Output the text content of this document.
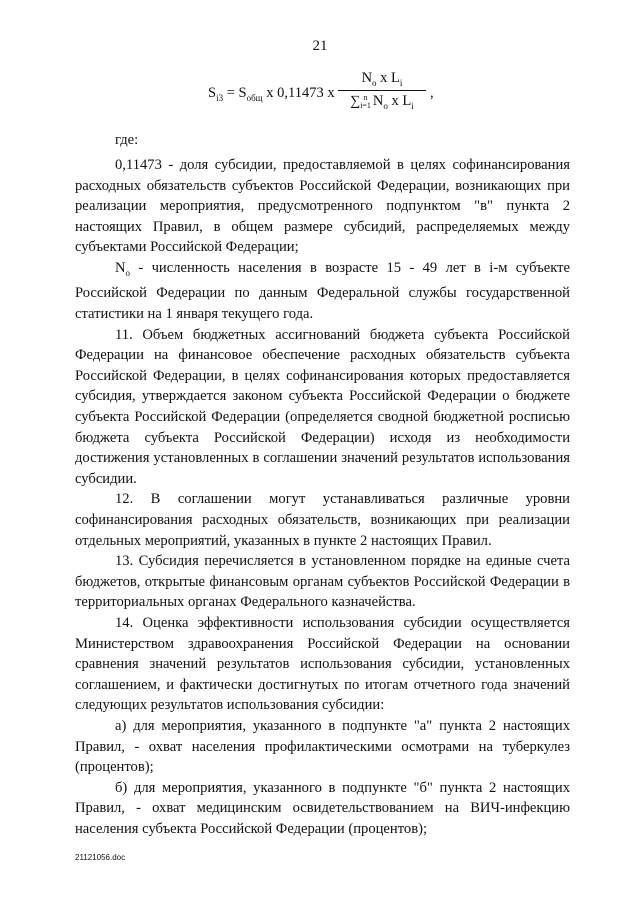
21
$S_{i3} = S_{общ}$ x 0,11473 x
$N_o$ x $L_i$
∑ n
i=1 $N_o$ x $L_i$
,
где:

0,11473 - доля субсидии, предоставляемой в целях софинансирования расходных обязательств субъектов Российской Федерации, возникающих при реализации мероприятия, предусмотренного подпунктом "в" пункта 2 настоящих Правил, в общем размере субсидий, распределяемых между субъектами Российской Федерации;

$N_o$ - численность населения в возрасте 15 - 49 лет в i-м субъекте Российской Федерации по данным Федеральной службы государственной статистики на 1 января текущего года.

11. Объем бюджетных ассигнований бюджета субъекта Российской Федерации на финансовое обеспечение расходных обязательств субъекта Российской Федерации, в целях софинансирования которых предоставляется субсидия, утверждается законом субъекта Российской Федерации о бюджете субъекта Российской Федерации (определяется сводной бюджетной росписью бюджета субъекта Российской Федерации) исходя из необходимости достижения установленных в соглашении значений результатов использования субсидии.

12. В соглашении могут устанавливаться различные уровни софинансирования расходных обязательств, возникающих при реализации отдельных мероприятий, указанных в пункте 2 настоящих Правил.

13. Субсидия перечисляется в установленном порядке на единые счета бюджетов, открытые финансовым органам субъектов Российской Федерации в территориальных органах Федерального казначейства.

14. Оценка эффективности использования субсидии осуществляется Министерством здравоохранения Российской Федерации на основании сравнения значений результатов использования субсидии, установленных соглашением, и фактически достигнутых по итогам отчетного года значений следующих результатов использования субсидии:

а) для мероприятия, указанного в подпункте "а" пункта 2 настоящих Правил, - охват населения профилактическими осмотрами на туберкулез (процентов);

б) для мероприятия, указанного в подпункте "б" пункта 2 настоящих Правил, - охват медицинским освидетельствованием на ВИЧ-инфекцию населения субъекта Российской Федерации (процентов);

21121056.doc
